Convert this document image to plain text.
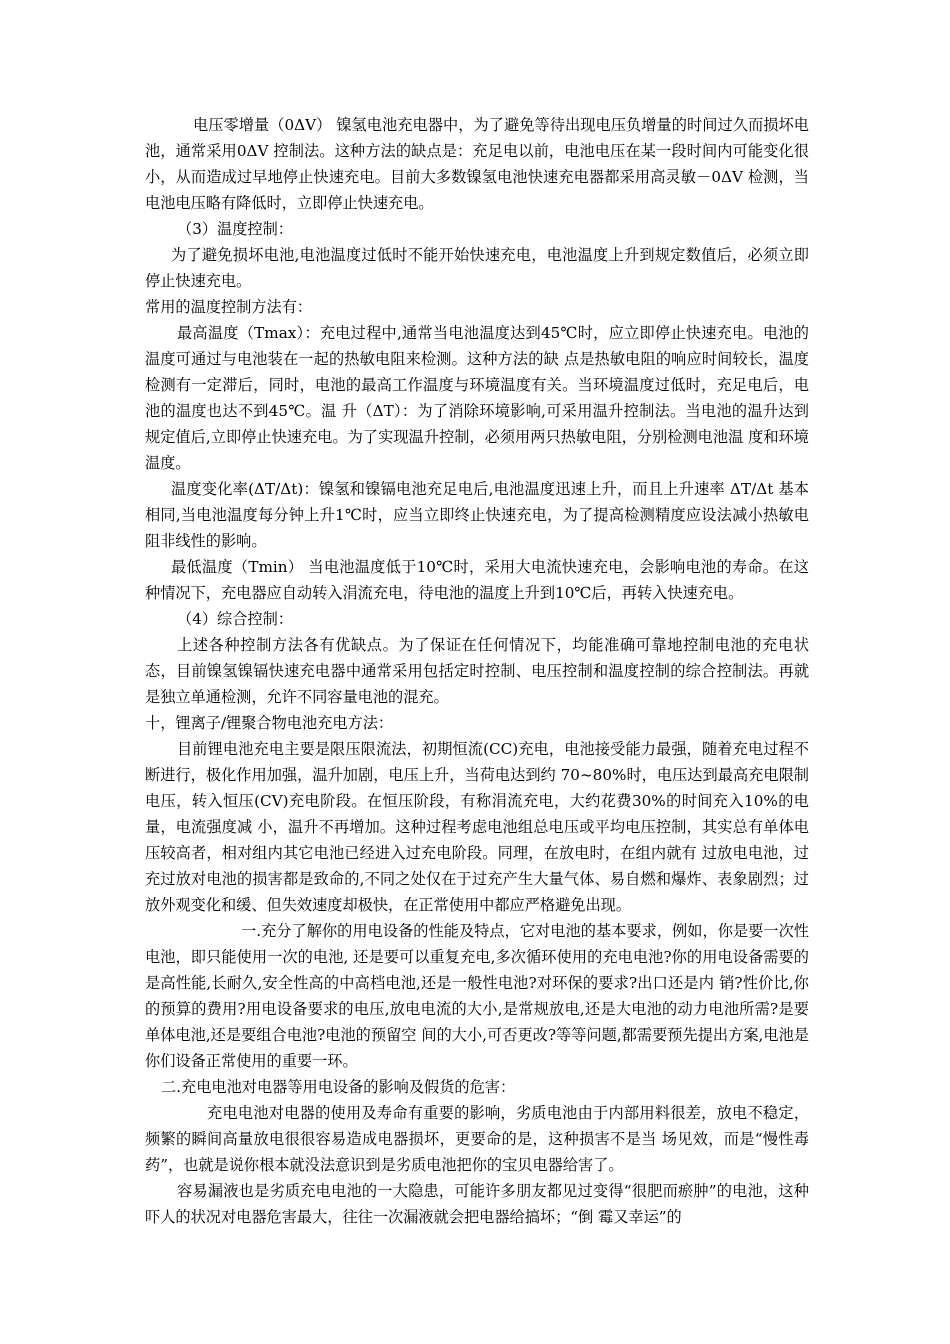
电压零增量（0ΔV） 镍氢电池充电器中，为了避免等待出现电压负增量的时间过久而损坏电池，通常采用0ΔV 控制法。这种方法的缺点是：充足电以前，电池电压在某一段时间内可能变化很小，从而造成过早地停止快速充电。目前大多数镍氢电池快速充电器都采用高灵敏－0ΔV 检测，当电池电压略有降低时，立即停止快速充电。

（3）温度控制：

为了避免损坏电池,电池温度过低时不能开始快速充电，电池温度上升到规定数值后，必须立即停止快速充电。

常用的温度控制方法有：

最高温度（Tmax）：充电过程中,通常当电池温度达到45℃时，应立即停止快速充电。电池的温度可通过与电池装在一起的热敏电阻来检测。这种方法的缺 点是热敏电阻的响应时间较长，温度检测有一定滞后，同时，电池的最高工作温度与环境温度有关。当环境温度过低时，充足电后，电池的温度也达不到45℃。温 升（ΔT）：为了消除环境影响,可采用温升控制法。当电池的温升达到规定值后,立即停止快速充电。为了实现温升控制，必须用两只热敏电阻，分别检测电池温 度和环境温度。

温度变化率(ΔT/Δt)：镍氢和镍镉电池充足电后,电池温度迅速上升，而且上升速率 ΔT/Δt 基本相同,当电池温度每分钟上升1℃时，应当立即终止快速充电，为了提高检测精度应设法减小热敏电阻非线性的影响。

最低温度（Tmin） 当电池温度低于10℃时，采用大电流快速充电，会影响电池的寿命。在这种情况下，充电器应自动转入涓流充电，待电池的温度上升到10℃后，再转入快速充电。

（4）综合控制：

上述各种控制方法各有优缺点。为了保证在任何情况下，均能准确可靠地控制电池的充电状态，目前镍氢镍镉快速充电器中通常采用包括定时控制、电压控制和温度控制的综合控制法。再就是独立单通检测，允许不同容量电池的混充。

十，锂离子/锂聚合物电池充电方法：

目前锂电池充电主要是限压限流法，初期恒流(CC)充电，电池接受能力最强，随着充电过程不断进行，极化作用加强，温升加剧，电压上升，当荷电达到约 70~80%时，电压达到最高充电限制电压，转入恒压(CV)充电阶段。在恒压阶段，有称涓流充电，大约花费30%的时间充入10%的电量，电流强度减 小，温升不再增加。这种过程考虑电池组总电压或平均电压控制，其实总有单体电压较高者，相对组内其它电池已经进入过充电阶段。同理，在放电时，在组内就有 过放电电池，过充过放对电池的损害都是致命的,不同之处仅在于过充产生大量气体、易自燃和爆炸、表象剧烈；过放外观变化和缓、但失效速度却极快，在正常使用中都应严格避免出现。

一.充分了解你的用电设备的性能及特点，它对电池的基本要求，例如，你是要一次性电池，即只能使用一次的电池, 还是要可以重复充电,多次循环使用的充电电池?你的用电设备需要的是高性能,长耐久,安全性高的中高档电池,还是一般性电池?对环保的要求?出口还是内 销?性价比,你的预算的费用?用电设备要求的电压,放电电流的大小,是常规放电,还是大电池的动力电池所需?是要单体电池,还是要组合电池?电池的预留空 间的大小,可否更改?等等问题,都需要预先提出方案,电池是你们设备正常使用的重要一环。

二.充电电池对电器等用电设备的影响及假货的危害：

充电电池对电器的使用及寿命有重要的影响，劣质电池由于内部用料很差，放电不稳定，频繁的瞬间高量放电很很容易造成电器损坏，更要命的是，这种损害不是当 场见效，而是“慢性毒药”，也就是说你根本就没法意识到是劣质电池把你的宝贝电器给害了。

容易漏液也是劣质充电电池的一大隐患，可能许多朋友都见过变得“很肥而瘀肿”的电池，这种吓人的状况对电器危害最大，往往一次漏液就会把电器给搞坏；“倒 霉又幸运”的
